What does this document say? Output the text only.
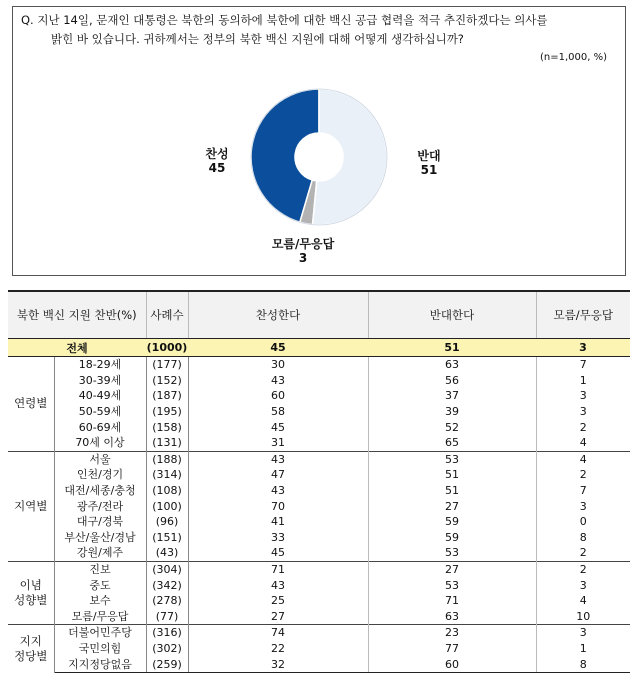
Q. 지난 14일, 문재인 대통령은 북한의 동의하에 북한에 대한 백신 공급 협력을 적극 추진하겠다는 의사를
밝힌 바 있습니다. 귀하께서는 정부의 북한 백신 지원에 대해 어떻게 생각하십니까?
(n=1,000, %)
찬성
45
반대
51
모름/무응답
3
북한 백신 지원 찬반(%)		사례수	찬성한다	반대한다	모름/무응답
전체		(1000)	45	51	3
연령별	18-29세	(177)	30	63	7
	30-39세	(152)	43	56	1
	40-49세	(187)	60	37	3
	50-59세	(195)	58	39	3
	60-69세	(158)	45	52	2
	70세 이상	(131)	31	65	4
지역별	서울	(188)	43	53	4
	인천/경기	(314)	47	51	2
	대전/세종/충청	(108)	43	51	7
	광주/전라	(100)	70	27	3
	대구/경북	(96)	41	59	0
	부산/울산/경남	(151)	33	59	8
	강원/제주	(43)	45	53	2
이념
성향별	진보	(304)	71	27	2
	중도	(342)	43	53	3
	보수	(278)	25	71	4
	모름/무응답	(77)	27	63	10
지지
정당별	더불어민주당	(316)	74	23	3
	국민의힘	(302)	22	77	1
	지지정당없음	(259)	32	60	8
